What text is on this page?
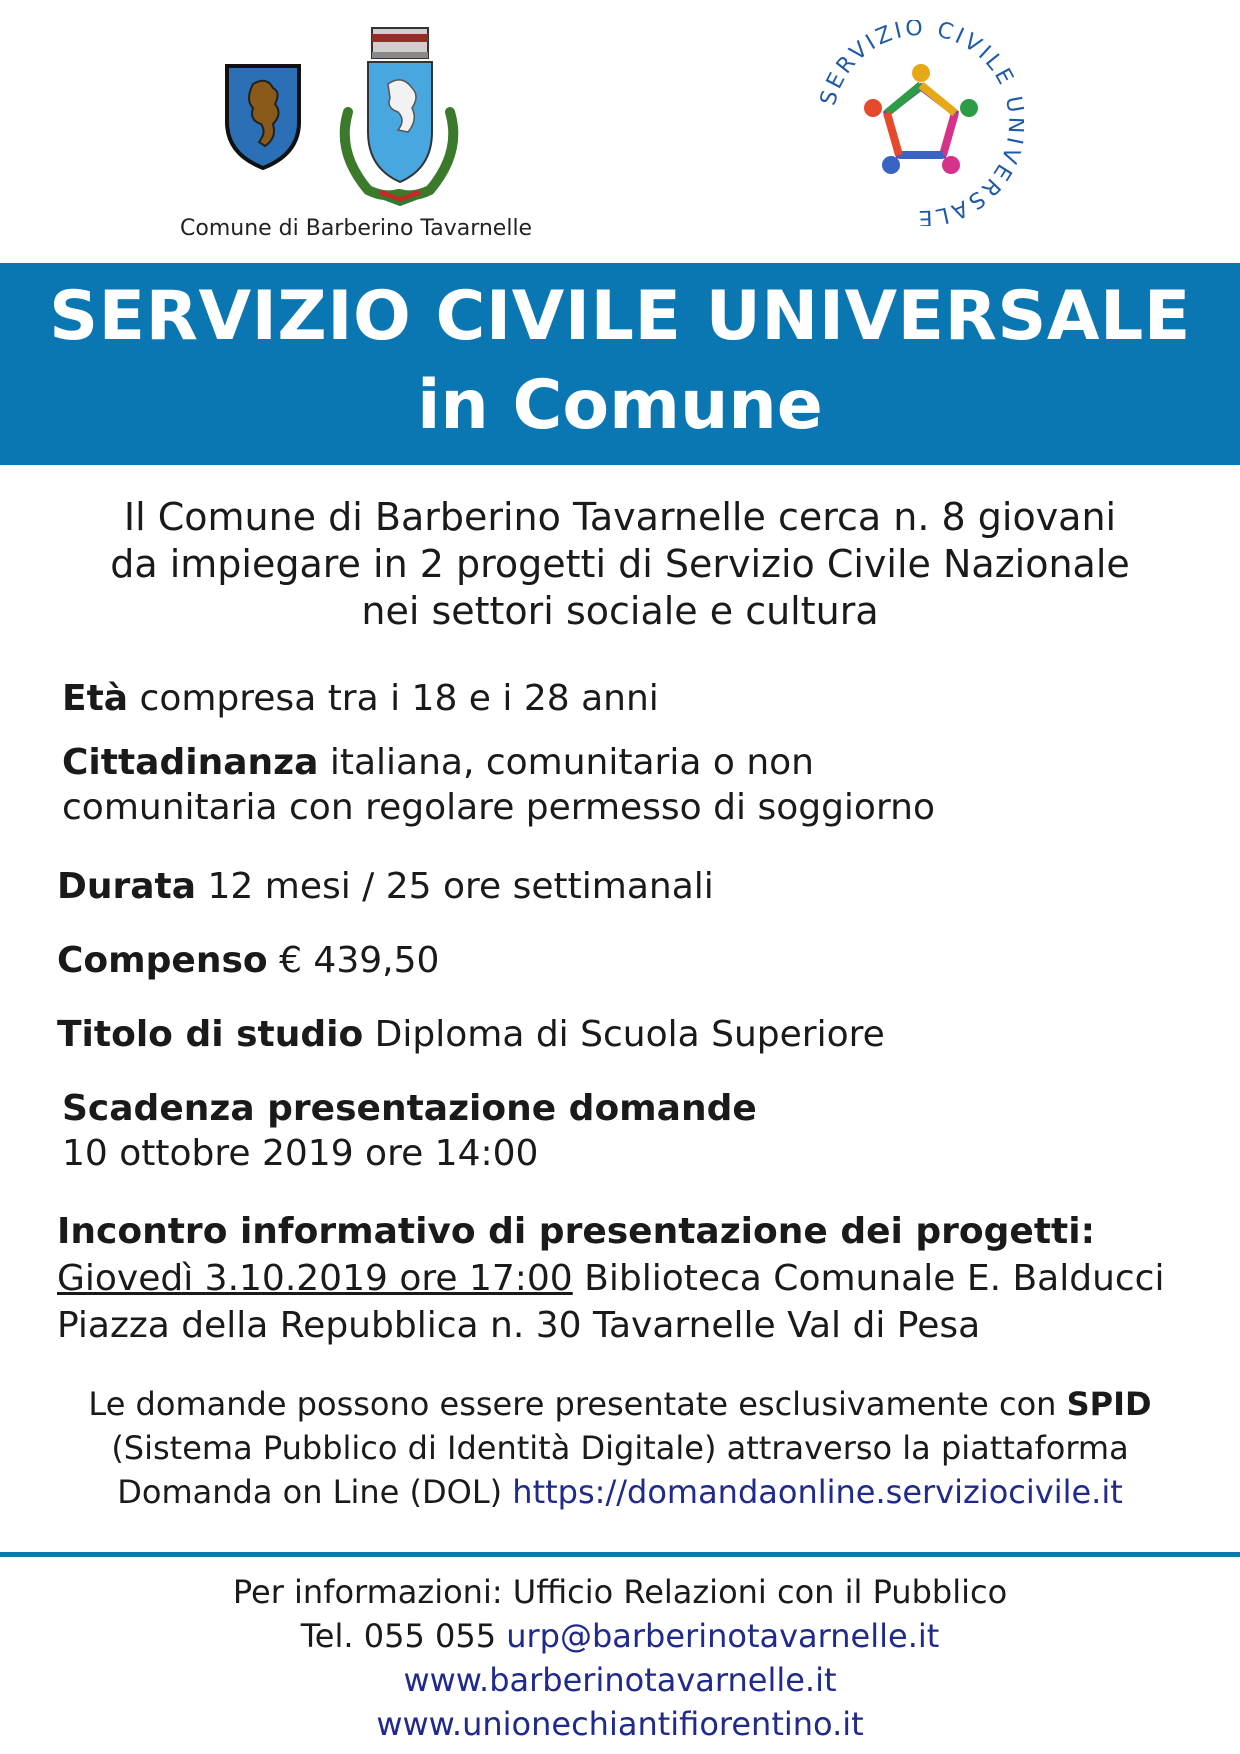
Comune di Barberino Tavarnelle
SERVIZIO CIVILE VERSALE
SERVIZIO CIVILE UNIVERSALE
in Comune
Il Comune di Barberino Tavarnelle cerca n. 8 giovani
da impiegare in 2 progetti di Servizio Civile Nazionale
nei settori sociale e cultura
Età compresa tra i 18 e i 28 anni
Cittadinanza italiana, comunitaria o non
comunitaria con regolare permesso di soggiorno
Durata 12 mesi / 25 ore settimanali
Compenso € 439,50
Titolo di studio Diploma di Scuola Superiore
Scadenza presentazione domande
10 ottobre 2019 ore 14:00
Incontro informativo di presentazione dei progetti:
Giovedì 3.10.2019 ore 17:00 Biblioteca Comunale E. Balducci
Piazza della Repubblica n. 30 Tavarnelle Val di Pesa
Le domande possono essere presentate esclusivamente con SPID
(Sistema Pubblico di Identità Digitale) attraverso la piattaforma
Domanda on Line (DOL) https://domandaonline.serviziocivile.it
Per informazioni: Ufficio Relazioni con il Pubblico
Tel. 055 055 urp@barberinotavarnelle.it
www.barberinotavarnelle.it
www.unionechiantifiorentino.it
